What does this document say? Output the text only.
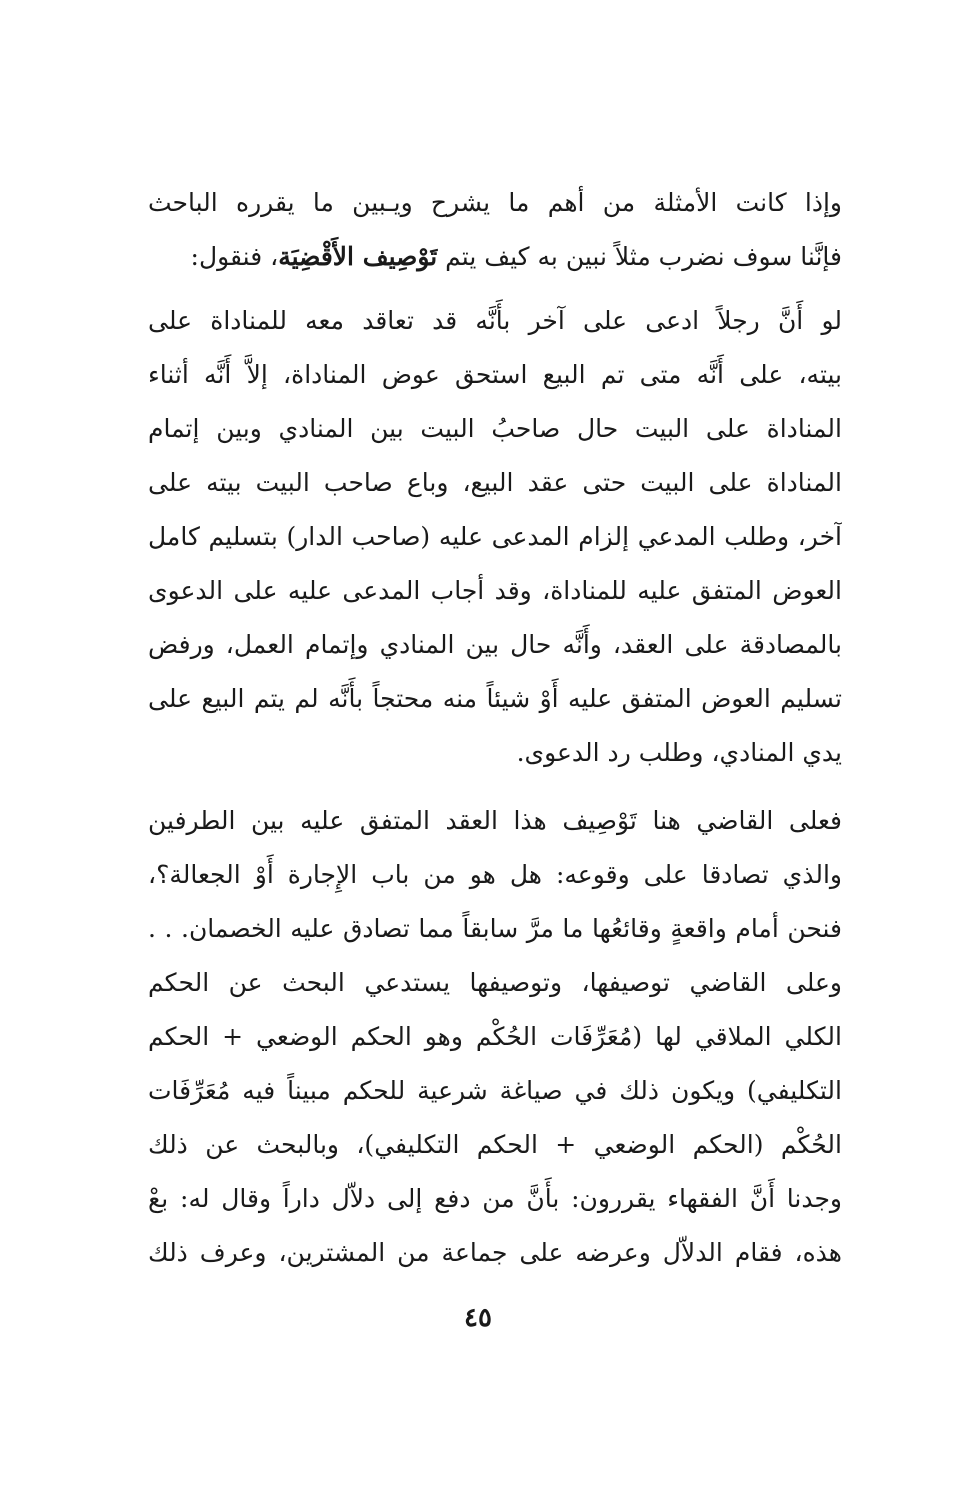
وإذا كانت الأمثلة من أهم ما يشرح ويـبين ما يقرره الباحث
فإنَّنا سوف نضرب مثلاً نبين به كيف يتم تَوْصِيف الأَقْضِيَة، فنقول:
لو أَنَّ رجلاً ادعى على آخر بأَنَّه قد تعاقد معه للمناداة على
بيته، على أَنَّه متى تم البيع استحق عوض المناداة، إلاَّ أَنَّه أثناء
المناداة على البيت حال صاحبُ البيت بين المنادي وبين إتمام
المناداة على البيت حتى عقد البيع، وباع صاحب البيت بيته على
آخر، وطلب المدعي إلزام المدعى عليه (صاحب الدار) بتسليم كامل
العوض المتفق عليه للمناداة، وقد أجاب المدعى عليه على الدعوى
بالمصادقة على العقد، وأَنَّه حال بين المنادي وإتمام العمل، ورفض
تسليم العوض المتفق عليه أَوْ شيئاً منه محتجاً بأَنَّه لم يتم البيع على
يدي المنادي، وطلب رد الدعوى.
فعلى القاضي هنا تَوْصِيف هذا العقد المتفق عليه بين الطرفين
والذي تصادقا على وقوعه: هل هو من باب الإِجارة أَوْ الجعالة؟،
فنحن أمام واقعةٍ وقائعُها ما مرَّ سابقاً مما تصادق عليه الخصمان. . .
وعلى القاضي توصيفها، وتوصيفها يستدعي البحث عن الحكم
الكلي الملاقي لها (مُعَرِّفَات الحُكْم وهو الحكم الوضعي + الحكم
التكليفي) ويكون ذلك في صياغة شرعية للحكم مبيناً فيه مُعَرِّفَات
الحُكْم (الحكم الوضعي + الحكم التكليفي)، وبالبحث عن ذلك
وجدنا أَنَّ الفقهاء يقررون: بأَنَّ من دفع إلى دلاّل داراً وقال له: بعْ
هذه، فقام الدلاّل وعرضه على جماعة من المشترين، وعرف ذلك
٤٥
